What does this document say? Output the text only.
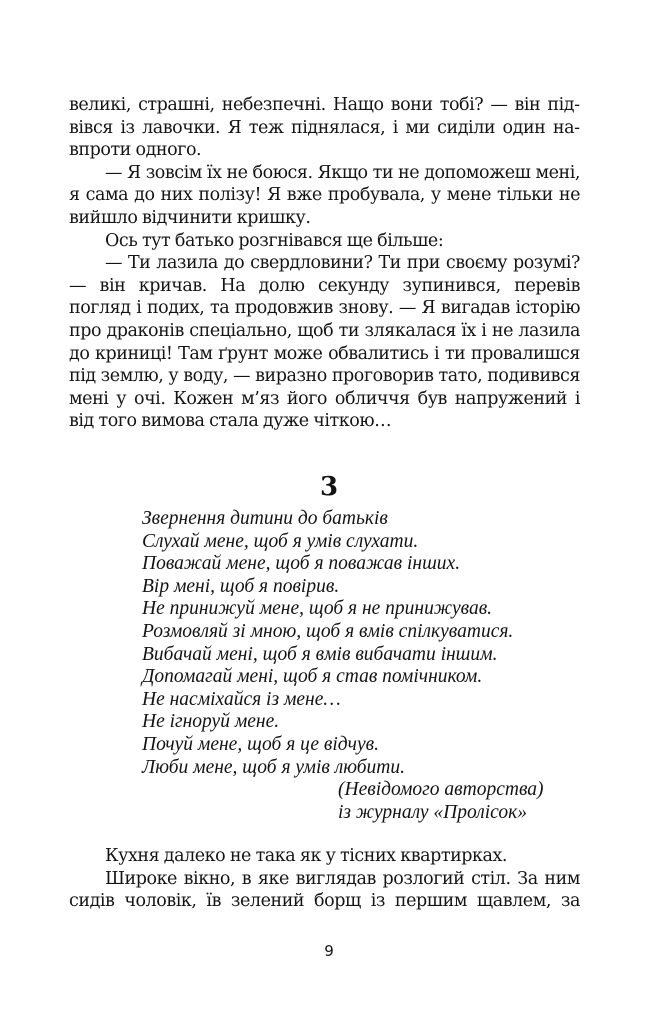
великі, страшні, небезпечні. Нащо вони тобі? — він підвівся із лавочки. Я теж піднялася, і ми сиділи один навпроти одного.

— Я зовсім їх не боюся. Якщо ти не допоможеш мені, я сама до них полізу! Я вже пробувала, у мене тільки не вийшло відчинити кришку.

Ось тут батько розгнівався ще більше:

— Ти лазила до свердловини? Ти при своєму розумі? — він кричав. На долю секунду зупинився, перевів погляд і подих, та продовжив знову. — Я вигадав історію про драконів спеціально, щоб ти злякалася їх і не лазила до криниці! Там ґрунт може обвалитись і ти провалишся під землю, у воду, — виразно проговорив тато, подивився мені у очі. Кожен м’яз його обличчя був напружений і від того вимова стала дуже чіткою…

3
Звернення дитини до батьків
Слухай мене, щоб я умів слухати.
Поважай мене, щоб я поважав інших.
Вір мені, щоб я повірив.
Не принижуй мене, щоб я не принижував.
Розмовляй зі мною, щоб я вмів спілкуватися.
Вибачай мені, щоб я вмів вибачати іншим.
Допомагай мені, щоб я став помічником.
Не насміхайся із мене…
Не ігноруй мене.
Почуй мене, щоб я це відчув.
Люби мене, щоб я умів любити.
(Невідомого авторства)
із журналу «Пролісок»

Кухня далеко не така як у тісних квартирках.

Широке вікно, в яке виглядав розлогий стіл. За ним сидів чоловік, їв зелений борщ із першим щавлем, за

9
